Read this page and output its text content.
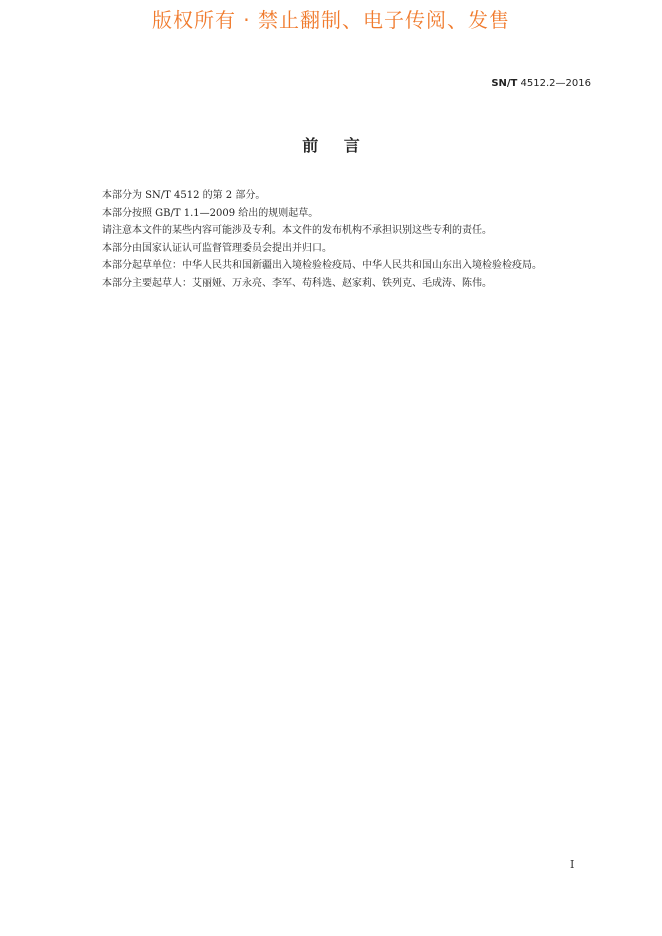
版权所有 · 禁止翻制、电子传阅、发售
SN/T 4512.2—2016
前言

本部分为 SN/T 4512 的第 2 部分。

本部分按照 GB/T 1.1—2009 给出的规则起草。

请注意本文件的某些内容可能涉及专利。本文件的发布机构不承担识别这些专利的责任。

本部分由国家认证认可监督管理委员会提出并归口。

本部分起草单位：中华人民共和国新疆出入境检验检疫局、中华人民共和国山东出入境检验检疫局。

本部分主要起草人：艾丽娅、万永亮、李军、苟科选、赵家莉、铁列克、毛成涛、陈伟。

I
